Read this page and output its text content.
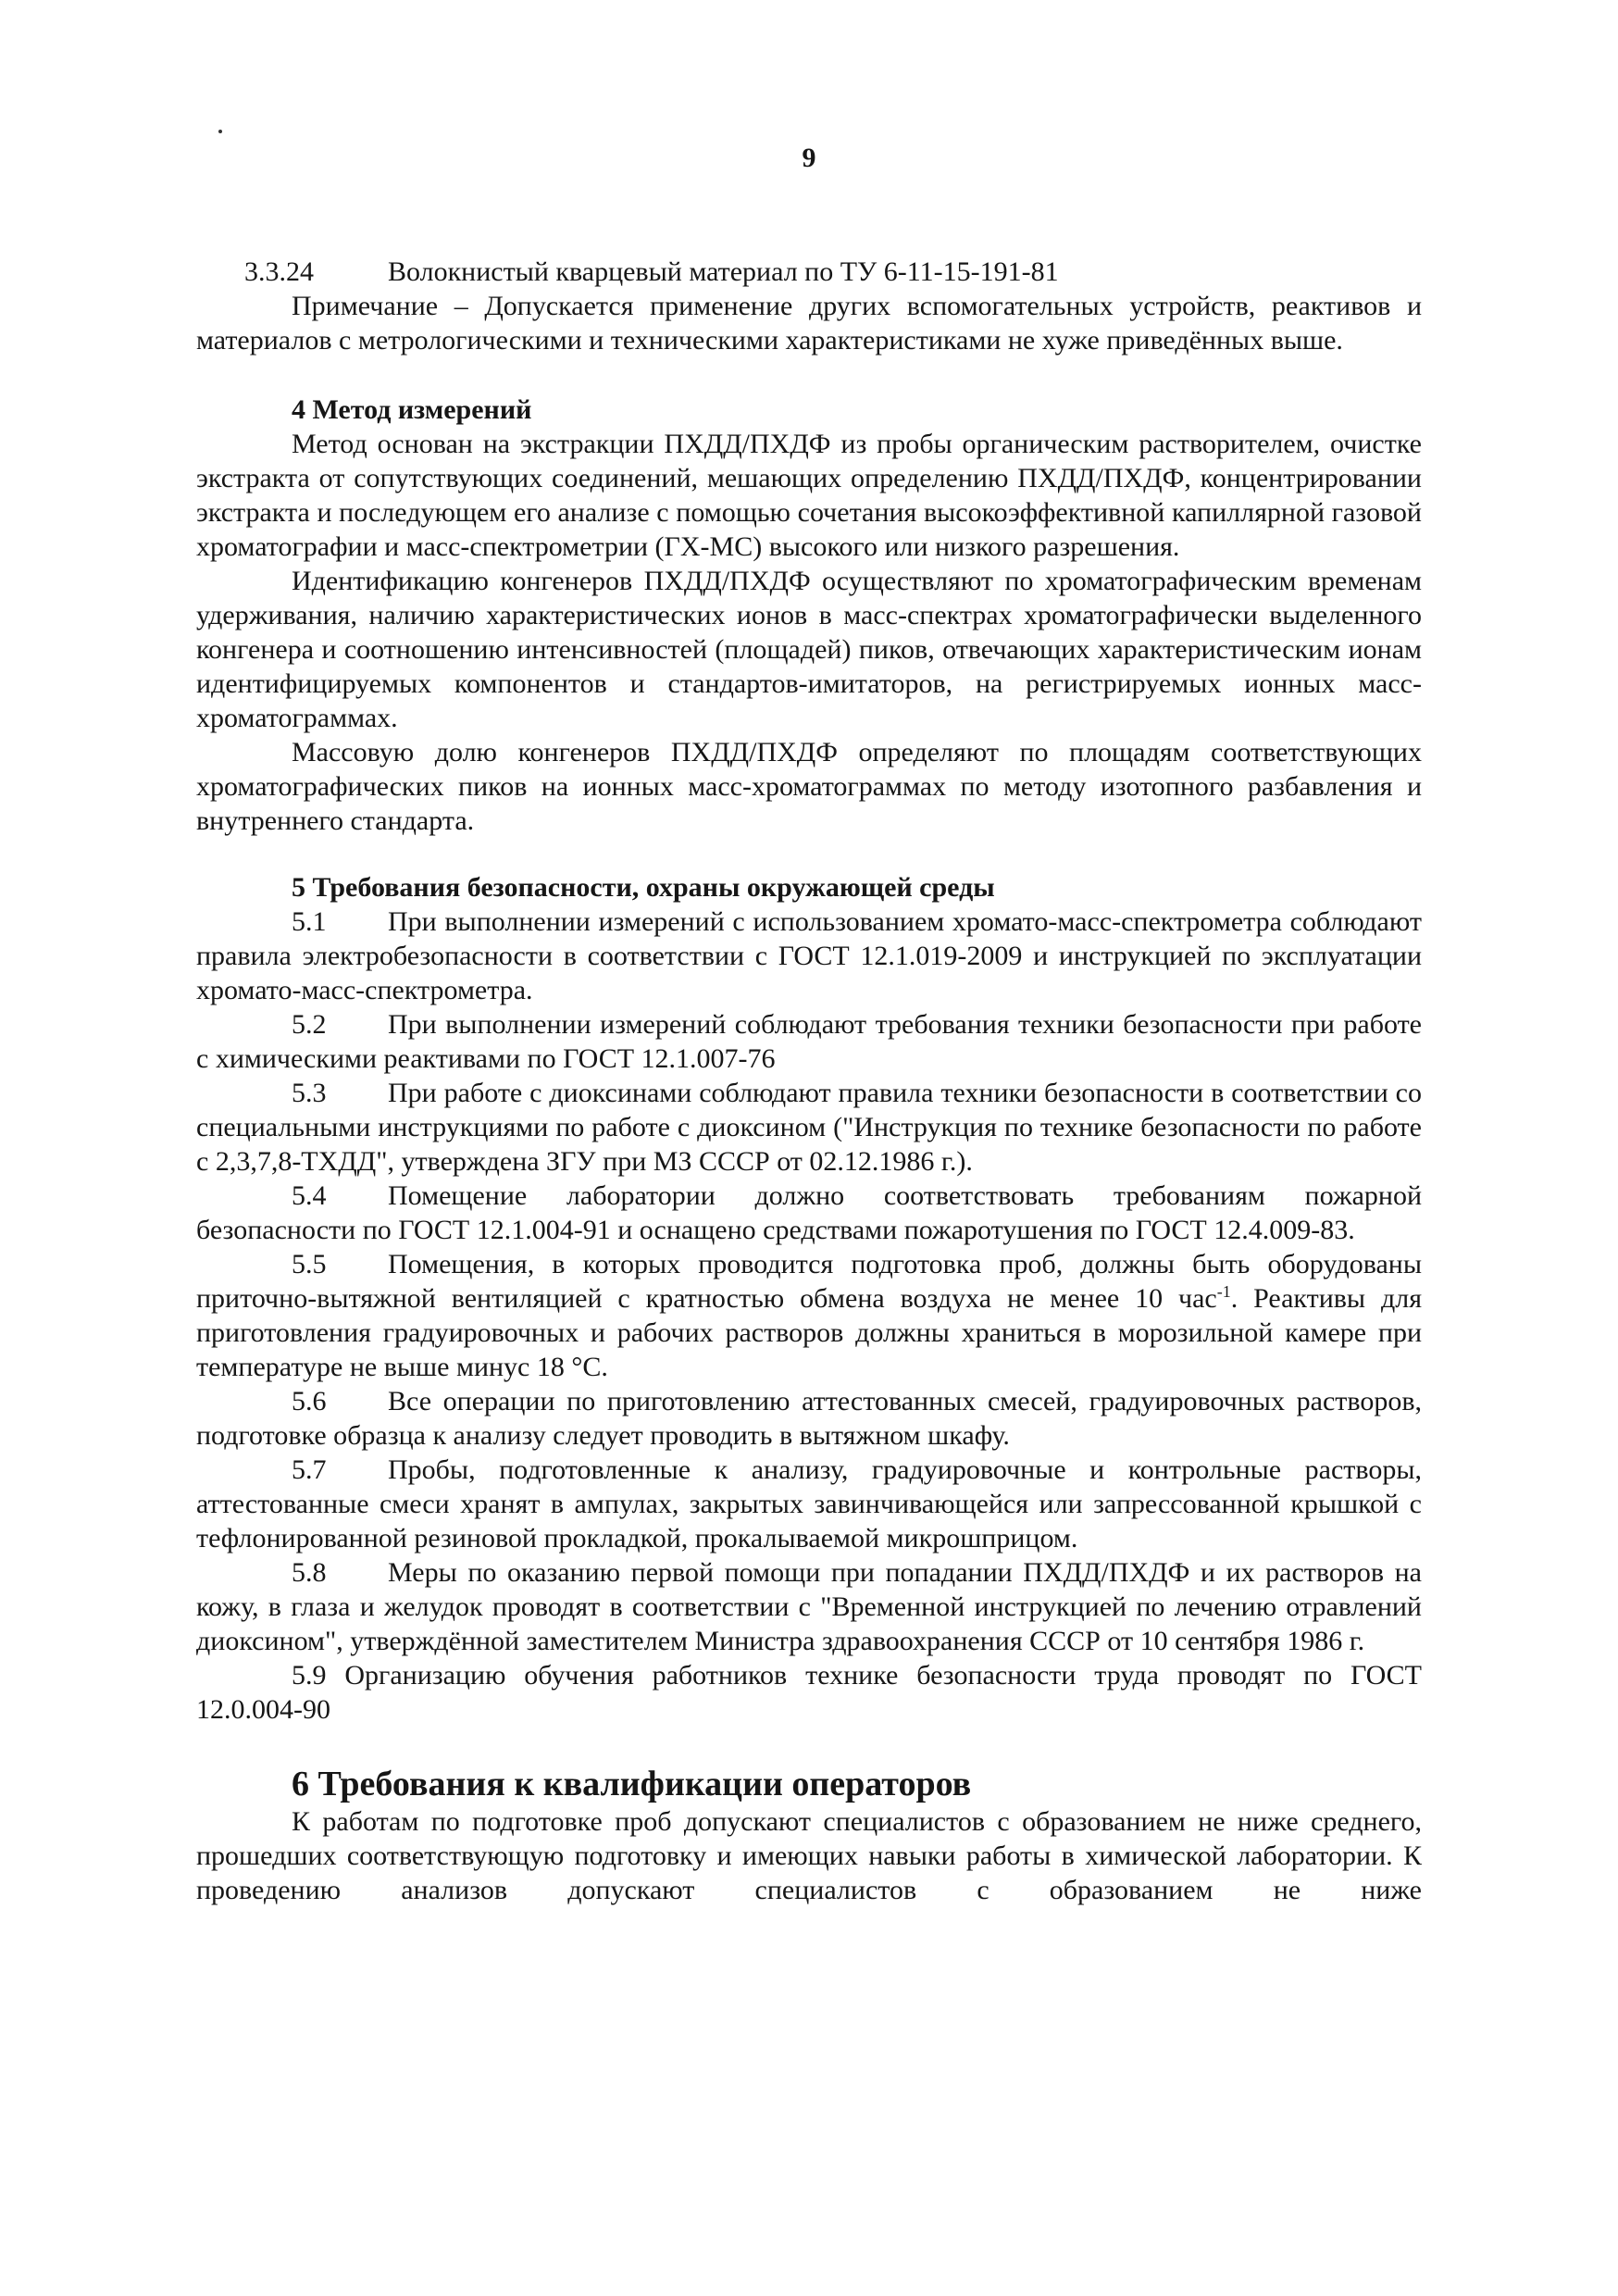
9

3.3.24	Волокнистый кварцевый материал по ТУ 6-11-15-191-81

Примечание – Допускается применение других вспомогательных устройств, реактивов и материалов с метрологическими и техническими характеристиками не хуже приведённых выше.

4 Метод измерений

Метод основан на экстракции ПХДД/ПХДФ из пробы органическим растворителем, очистке экстракта от сопутствующих соединений, мешающих определению ПХДД/ПХДФ, концентрировании экстракта и последующем его анализе с помощью сочетания высокоэффективной капиллярной газовой хроматографии и масс-спектрометрии (ГХ-МС) высокого или низкого разрешения.

Идентификацию конгенеров ПХДД/ПХДФ осуществляют по хроматографическим временам удерживания, наличию характеристических ионов в масс-спектрах хроматографически выделенного конгенера и соотношению интенсивностей (площадей) пиков, отвечающих характеристическим ионам идентифицируемых компонентов и стандартов-имитаторов, на регистрируемых ионных масс-хроматограммах.

Массовую долю конгенеров ПХДД/ПХДФ определяют по площадям соответствующих хроматографических пиков на ионных масс-хроматограммах по методу изотопного разбавления и внутреннего стандарта.

5 Требования безопасности, охраны окружающей среды

5.1 При выполнении измерений с использованием хромато-масс-спектрометра соблюдают правила электробезопасности в соответствии с ГОСТ 12.1.019-2009 и инструкцией по эксплуатации хромато-масс-спектрометра.

5.2 При выполнении измерений соблюдают требования техники безопасности при работе с химическими реактивами по ГОСТ 12.1.007-76

5.3 При работе с диоксинами соблюдают правила техники безопасности в соответствии со специальными инструкциями по работе с диоксином ("Инструкция по технике безопасности по работе с 2,3,7,8-ТХДД", утверждена ЗГУ при МЗ СССР от 02.12.1986 г.).

5.4 Помещение лаборатории должно соответствовать требованиям пожарной безопасности по ГОСТ 12.1.004-91 и оснащено средствами пожаротушения по ГОСТ 12.4.009-83.

5.5 Помещения, в которых проводится подготовка проб, должны быть оборудованы приточно-вытяжной вентиляцией с кратностью обмена воздуха не менее 10 час$^{-1}$. Реактивы для приготовления градуировочных и рабочих растворов должны храниться в морозильной камере при температуре не выше минус 18 °С.

5.6 Все операции по приготовлению аттестованных смесей, градуировочных растворов, подготовке образца к анализу следует проводить в вытяжном шкафу.

5.7 Пробы, подготовленные к анализу, градуировочные и контрольные растворы, аттестованные смеси хранят в ампулах, закрытых завинчивающейся или запрессованной крышкой с тефлонированной резиновой прокладкой, прокалываемой микрошприцом.

5.8 Меры по оказанию первой помощи при попадании ПХДД/ПХДФ и их растворов на кожу, в глаза и желудок проводят в соответствии с "Временной инструкцией по лечению отравлений диоксином", утверждённой заместителем Министра здравоохранения СССР от 10 сентября 1986 г.

5.9 Организацию обучения работников технике безопасности труда проводят по ГОСТ 12.0.004-90

6 Требования к квалификации операторов

К работам по подготовке проб допускают специалистов с образованием не ниже среднего, прошедших соответствующую подготовку и имеющих навыки работы в химической лаборатории. К проведению анализов допускают специалистов с образованием не ниже
